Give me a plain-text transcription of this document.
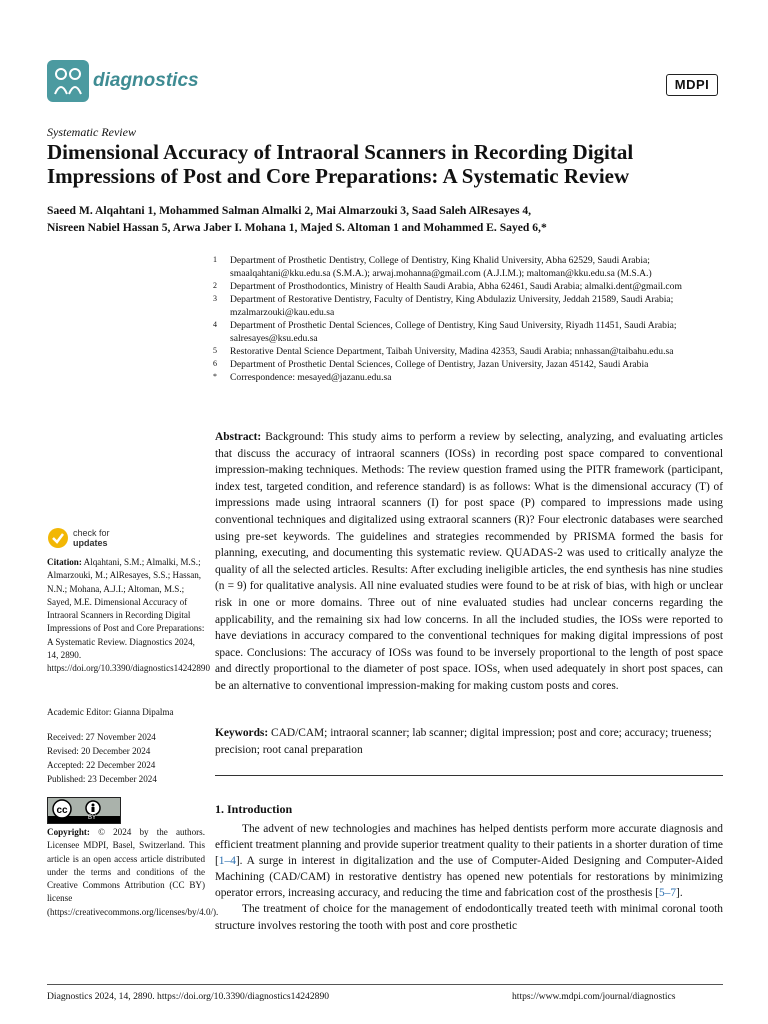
diagnostics	MDPI
Systematic Review
Dimensional Accuracy of Intraoral Scanners in Recording Digital Impressions of Post and Core Preparations: A Systematic Review
Saeed M. Alqahtani 1, Mohammed Salman Almalki 2, Mai Almarzouki 3, Saad Saleh AlResayes 4,
Nisreen Nabiel Hassan 5, Arwa Jaber I. Mohana 1, Majed S. Altoman 1 and Mohammed E. Sayed 6,*
1	Department of Prosthetic Dentistry, College of Dentistry, King Khalid University, Abha 62529, Saudi Arabia; smaalqahtani@kku.edu.sa (S.M.A.); arwaj.mohanna@gmail.com (A.J.I.M.); maltoman@kku.edu.sa (M.S.A.)
2	Department of Prosthodontics, Ministry of Health Saudi Arabia, Abha 62461, Saudi Arabia; almalki.dent@gmail.com
3	Department of Restorative Dentistry, Faculty of Dentistry, King Abdulaziz University, Jeddah 21589, Saudi Arabia; mzalmarzouki@kau.edu.sa
4	Department of Prosthetic Dental Sciences, College of Dentistry, King Saud University, Riyadh 11451, Saudi Arabia; salresayes@ksu.edu.sa
5	Restorative Dental Science Department, Taibah University, Madina 42353, Saudi Arabia; nnhassan@taibahu.edu.sa
6	Department of Prosthetic Dental Sciences, College of Dentistry, Jazan University, Jazan 45142, Saudi Arabia
*	Correspondence: mesayed@jazanu.edu.sa
Abstract: Background: This study aims to perform a review by selecting, analyzing, and evaluating articles that discuss the accuracy of intraoral scanners (IOSs) in recording post space compared to conventional impression-making techniques. Methods: The review question framed using the PITR framework (participant, index test, targeted condition, and reference standard) is as follows: What is the dimensional accuracy (T) of impressions made using intraoral scanners (I) for post space (P) compared to impressions made using conventional techniques and digitalized using extraoral scanners (R)? Four electronic databases were searched using pre-set keywords. The guidelines and strategies recommended by PRISMA formed the basis for planning, executing, and documenting this systematic review. QUADAS-2 was used to critically analyze the quality of all the selected articles. Results: After excluding ineligible articles, the end synthesis has nine studies (n = 9) for qualitative analysis. All nine evaluated studies were found to be at risk of bias, with high or unclear risk in one or more domains. Three out of nine evaluated studies had unclear concerns regarding the applicability, and the remaining six had low concerns. In all the included studies, the IOSs were reported to have deviations in accuracy compared to the conventional techniques for making digital impressions of post space. Conclusions: The accuracy of IOSs was found to be inversely proportional to the length of post space and directly proportional to the diameter of post space. IOSs, when used adequately in short post spaces, can be an alternative to conventional impression-making for making custom posts and cores.
Keywords: CAD/CAM; intraoral scanner; lab scanner; digital impression; post and core; accuracy; trueness; precision; root canal preparation
check for
updates
Citation: Alqahtani, S.M.; Almalki, M.S.; Almarzouki, M.; AlResayes, S.S.; Hassan, N.N.; Mohana, A.J.I.; Altoman, M.S.; Sayed, M.E. Dimensional Accuracy of Intraoral Scanners in Recording Digital Impressions of Post and Core Preparations: A Systematic Review. Diagnostics 2024, 14, 2890. https://doi.org/10.3390/diagnostics14242890
Academic Editor: Gianna Dipalma
Received: 27 November 2024
Revised: 20 December 2024
Accepted: 22 December 2024
Published: 23 December 2024
cc
BY
Copyright: © 2024 by the authors. Licensee MDPI, Basel, Switzerland. This article is an open access article distributed under the terms and conditions of the Creative Commons Attribution (CC BY) license (https://creativecommons.org/licenses/by/4.0/).
1. Introduction

The advent of new technologies and machines has helped dentists perform more accurate diagnosis and efficient treatment planning and provide superior treatment quality to their patients in a shorter duration of time [1–4]. A surge in interest in digitalization and the use of Computer-Aided Designing and Computer-Aided Machining (CAD/CAM) in restorative dentistry has opened new potentials for restorations by minimizing operator errors, increasing accuracy, and reducing the time and fabrication cost of the prosthesis [5–7].

The treatment of choice for the management of endodontically treated teeth with minimal coronal tooth structure involves restoring the tooth with post and core prosthetic

Diagnostics 2024, 14, 2890. https://doi.org/10.3390/diagnostics14242890	https://www.mdpi.com/journal/diagnostics
